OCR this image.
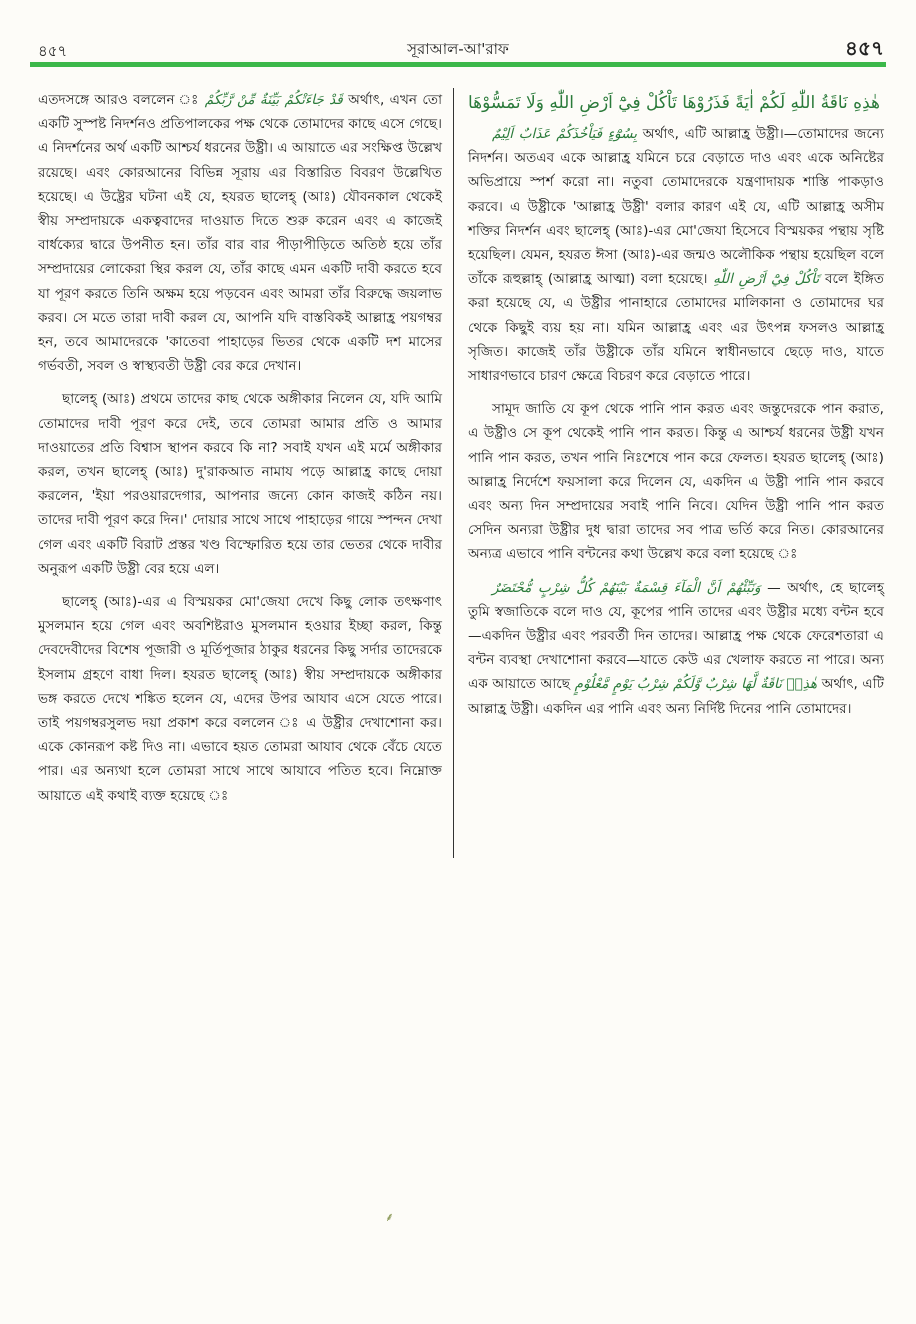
৪৫৭	সূরাআল-আ'রাফ	৪৫৭

এতদসঙ্গে আরও বললেন ঃ قَدْ جَاءَتْكُمْ بَيِّنَةٌ مِّنْ رَّبِّكُمْ অর্থাৎ, এখন তো একটি সুস্পষ্ট নিদর্শনও প্রতিপালকের পক্ষ থেকে তোমাদের কাছে এসে গেছে। এ নিদর্শনের অর্থ একটি আশ্চর্য ধরনের উষ্ট্রী। এ আয়াতে এর সংক্ষিপ্ত উল্লেখ রয়েছে। এবং কোরআনের বিভিন্ন সূরায় এর বিস্তারিত বিবরণ উল্লেখিত হয়েছে। এ উষ্ট্রের ঘটনা এই যে, হযরত ছালেহ্ (আঃ) যৌবনকাল থেকেই স্বীয় সম্প্রদায়কে একত্ববাদের দাওয়াত দিতে শুরু করেন এবং এ কাজেই বার্ধক্যের দ্বারে উপনীত হন। তাঁর বার বার পীড়াপীড়িতে অতিষ্ঠ হয়ে তাঁর সম্প্রদায়ের লোকেরা স্থির করল যে, তাঁর কাছে এমন একটি দাবী করতে হবে যা পূরণ করতে তিনি অক্ষম হয়ে পড়বেন এবং আমরা তাঁর বিরুদ্ধে জয়লাভ করব। সে মতে তারা দাবী করল যে, আপনি যদি বাস্তবিকই আল্লাহ্র পয়গম্বর হন, তবে আমাদেরকে 'কাতেবা পাহাড়ের ভিতর থেকে একটি দশ মাসের গর্ভবতী, সবল ও স্বাস্থ্যবতী উষ্ট্রী বের করে দেখান।

ছালেহ্ (আঃ) প্রথমে তাদের কাছ থেকে অঙ্গীকার নিলেন যে, যদি আমি তোমাদের দাবী পূরণ করে দেই, তবে তোমরা আমার প্রতি ও আমার দাওয়াতের প্রতি বিশ্বাস স্থাপন করবে কি না? সবাই যখন এই মর্মে অঙ্গীকার করল, তখন ছালেহ্ (আঃ) দু'রাকআত নামায পড়ে আল্লাহ্র কাছে দোয়া করলেন, 'ইয়া পরওয়ারদেগার, আপনার জন্যে কোন কাজই কঠিন নয়। তাদের দাবী পূরণ করে দিন।' দোয়ার সাথে সাথে পাহাড়ের গায়ে স্পন্দন দেখা গেল এবং একটি বিরাট প্রস্তর খণ্ড বিস্ফোরিত হয়ে তার ভেতর থেকে দাবীর অনুরূপ একটি উষ্ট্রী বের হয়ে এল।

ছালেহ্ (আঃ)-এর এ বিস্ময়কর মো'জেযা দেখে কিছু লোক তৎক্ষণাৎ মুসলমান হয়ে গেল এবং অবশিষ্টরাও মুসলমান হওয়ার ইচ্ছা করল, কিন্তু দেবদেবীদের বিশেষ পূজারী ও মূর্তিপূজার ঠাকুর ধরনের কিছু সর্দার তাদেরকে ইসলাম গ্রহণে বাধা দিল। হযরত ছালেহ্ (আঃ) স্বীয় সম্প্রদায়কে অঙ্গীকার ভঙ্গ করতে দেখে শঙ্কিত হলেন যে, এদের উপর আযাব এসে যেতে পারে। তাই পয়গম্বরসুলভ দয়া প্রকাশ করে বললেন ঃ এ উষ্ট্রীর দেখাশোনা কর। একে কোনরূপ কষ্ট দিও না। এভাবে হয়ত তোমরা আযাব থেকে বেঁচে যেতে পার। এর অন্যথা হলে তোমরা সাথে সাথে আযাবে পতিত হবে। নিম্নোক্ত আয়াতে এই কথাই ব্যক্ত হয়েছে ঃ

هٰذِهِ نَاقَةُ اللّٰهِ لَكُمْ اٰيَةً فَذَرُوْهَا تَاْكُلْ فِيْٓ اَرْضِ اللّٰهِ وَلَا تَمَسُّوْهَا

بِسُوْٓءٍ فَيَاْخُذَكُمْ عَذَابٌ اَلِيْمٌ অর্থাৎ, এটি আল্লাহ্র উষ্ট্রী।—তোমাদের জন্যে নিদর্শন। অতএব একে আল্লাহ্র যমিনে চরে বেড়াতে দাও এবং একে অনিষ্টের অভিপ্রায়ে স্পর্শ করো না। নতুবা তোমাদেরকে যন্ত্রণাদায়ক শাস্তি পাকড়াও করবে। এ উষ্ট্রীকে 'আল্লাহ্র উষ্ট্রী' বলার কারণ এই যে, এটি আল্লাহ্র অসীম শক্তির নিদর্শন এবং ছালেহ্ (আঃ)-এর মো'জেযা হিসেবে বিস্ময়কর পন্থায় সৃষ্টি হয়েছিল। যেমন, হযরত ঈসা (আঃ)-এর জন্মও অলৌকিক পন্থায় হয়েছিল বলে তাঁকে রূহুল্লাহ্ (আল্লাহ্র আত্মা) বলা হয়েছে। تَاْكُلْ فِيْٓ اَرْضِ اللّٰهِ বলে ইঙ্গিত করা হয়েছে যে, এ উষ্ট্রীর পানাহারে তোমাদের মালিকানা ও তোমাদের ঘর থেকে কিছুই ব্যয় হয় না। যমিন আল্লাহ্র এবং এর উৎপন্ন ফসলও আল্লাহ্র সৃজিত। কাজেই তাঁর উষ্ট্রীকে তাঁর যমিনে স্বাধীনভাবে ছেড়ে দাও, যাতে সাধারণভাবে চারণ ক্ষেত্রে বিচরণ করে বেড়াতে পারে।

সামূদ জাতি যে কূপ থেকে পানি পান করত এবং জন্তুদেরকে পান করাত, এ উষ্ট্রীও সে কূপ থেকেই পানি পান করত। কিন্তু এ আশ্চর্য ধরনের উষ্ট্রী যখন পানি পান করত, তখন পানি নিঃশেষে পান করে ফেলত। হযরত ছালেহ্ (আঃ) আল্লাহ্র নির্দেশে ফয়সালা করে দিলেন যে, একদিন এ উষ্ট্রী পানি পান করবে এবং অন্য দিন সম্প্রদায়ের সবাই পানি নিবে। যেদিন উষ্ট্রী পানি পান করত সেদিন অন্যরা উষ্ট্রীর দুধ দ্বারা তাদের সব পাত্র ভর্তি করে নিত। কোরআনের অন্যত্র এভাবে পানি বন্টনের কথা উল্লেখ করে বলা হয়েছে ঃ

وَنَبِّئْهُمْ اَنَّ الْمَآءَ قِسْمَةٌ بَيْنَهُمْ كُلُّ شِرْبٍ مُّحْتَضَرٌ — অর্থাৎ, হে ছালেহ্ তুমি স্বজাতিকে বলে দাও যে, কূপের পানি তাদের এবং উষ্ট্রীর মধ্যে বন্টন হবে—একদিন উষ্ট্রীর এবং পরবর্তী দিন তাদের। আল্লাহ্র পক্ষ থেকে ফেরেশতারা এ বন্টন ব্যবস্থা দেখাশোনা করবে—যাতে কেউ এর খেলাফ করতে না পারে। অন্য এক আয়াতে আছে	هٰذِهٖ نَاقَةٌ لَّهَا شِرْبٌ وَّلَكُمْ شِرْبُ يَوْمٍ مَّعْلُوْمٍ	অর্থাৎ, এটি আল্লাহ্র উষ্ট্রী। একদিন এর পানি এবং অন্য নির্দিষ্ট দিনের পানি তোমাদের।

⸙
